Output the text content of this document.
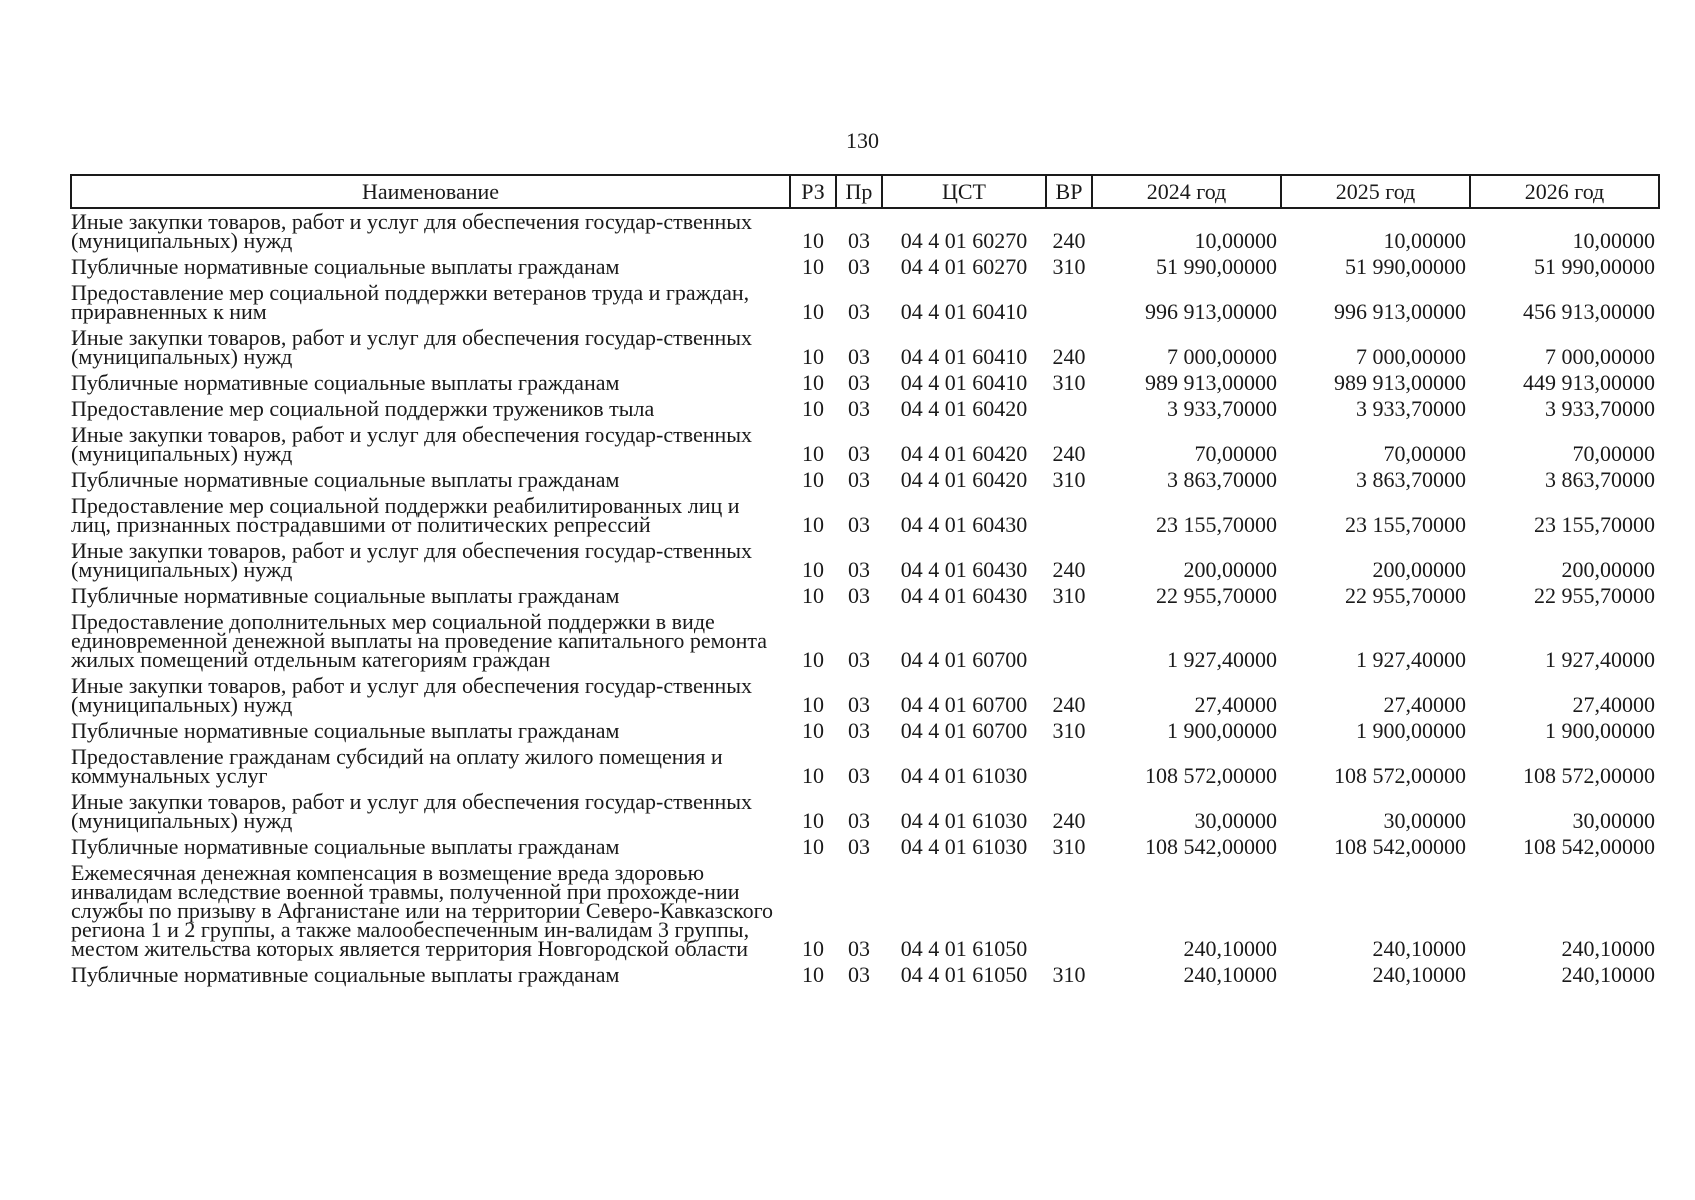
130
Наименование	РЗ	Пр	ЦСТ	ВР	2024 год	2025 год	2026 год
Иные закупки товаров, работ и услуг для обеспечения государ-ственных (муниципальных) нужд	10	03	04 4 01 60270	240	10,00000	10,00000	10,00000
Публичные нормативные социальные выплаты гражданам	10	03	04 4 01 60270	310	51 990,00000	51 990,00000	51 990,00000
Предоставление мер социальной поддержки ветеранов труда и граждан, приравненных к ним	10	03	04 4 01 60410		996 913,00000	996 913,00000	456 913,00000
Иные закупки товаров, работ и услуг для обеспечения государ-ственных (муниципальных) нужд	10	03	04 4 01 60410	240	7 000,00000	7 000,00000	7 000,00000
Публичные нормативные социальные выплаты гражданам	10	03	04 4 01 60410	310	989 913,00000	989 913,00000	449 913,00000
Предоставление мер социальной поддержки тружеников тыла	10	03	04 4 01 60420		3 933,70000	3 933,70000	3 933,70000
Иные закупки товаров, работ и услуг для обеспечения государ-ственных (муниципальных) нужд	10	03	04 4 01 60420	240	70,00000	70,00000	70,00000
Публичные нормативные социальные выплаты гражданам	10	03	04 4 01 60420	310	3 863,70000	3 863,70000	3 863,70000
Предоставление мер социальной поддержки реабилитированных лиц и лиц, признанных пострадавшими от политических репрессий	10	03	04 4 01 60430		23 155,70000	23 155,70000	23 155,70000
Иные закупки товаров, работ и услуг для обеспечения государ-ственных (муниципальных) нужд	10	03	04 4 01 60430	240	200,00000	200,00000	200,00000
Публичные нормативные социальные выплаты гражданам	10	03	04 4 01 60430	310	22 955,70000	22 955,70000	22 955,70000
Предоставление дополнительных мер социальной поддержки в виде единовременной денежной выплаты на проведение капитального ремонта жилых помещений отдельным категориям граждан	10	03	04 4 01 60700		1 927,40000	1 927,40000	1 927,40000
Иные закупки товаров, работ и услуг для обеспечения государ-ственных (муниципальных) нужд	10	03	04 4 01 60700	240	27,40000	27,40000	27,40000
Публичные нормативные социальные выплаты гражданам	10	03	04 4 01 60700	310	1 900,00000	1 900,00000	1 900,00000
Предоставление гражданам субсидий на оплату жилого помещения и коммунальных услуг	10	03	04 4 01 61030		108 572,00000	108 572,00000	108 572,00000
Иные закупки товаров, работ и услуг для обеспечения государ-ственных (муниципальных) нужд	10	03	04 4 01 61030	240	30,00000	30,00000	30,00000
Публичные нормативные социальные выплаты гражданам	10	03	04 4 01 61030	310	108 542,00000	108 542,00000	108 542,00000
Ежемесячная денежная компенсация в возмещение вреда здоровью инвалидам вследствие военной травмы, полученной при прохожде-нии службы по призыву в Афганистане или на территории Северо-Кавказского региона 1 и 2 группы, а также малообеспеченным ин-валидам 3 группы, местом жительства которых является территория Новгородской области	10	03	04 4 01 61050		240,10000	240,10000	240,10000
Публичные нормативные социальные выплаты гражданам	10	03	04 4 01 61050	310	240,10000	240,10000	240,10000
